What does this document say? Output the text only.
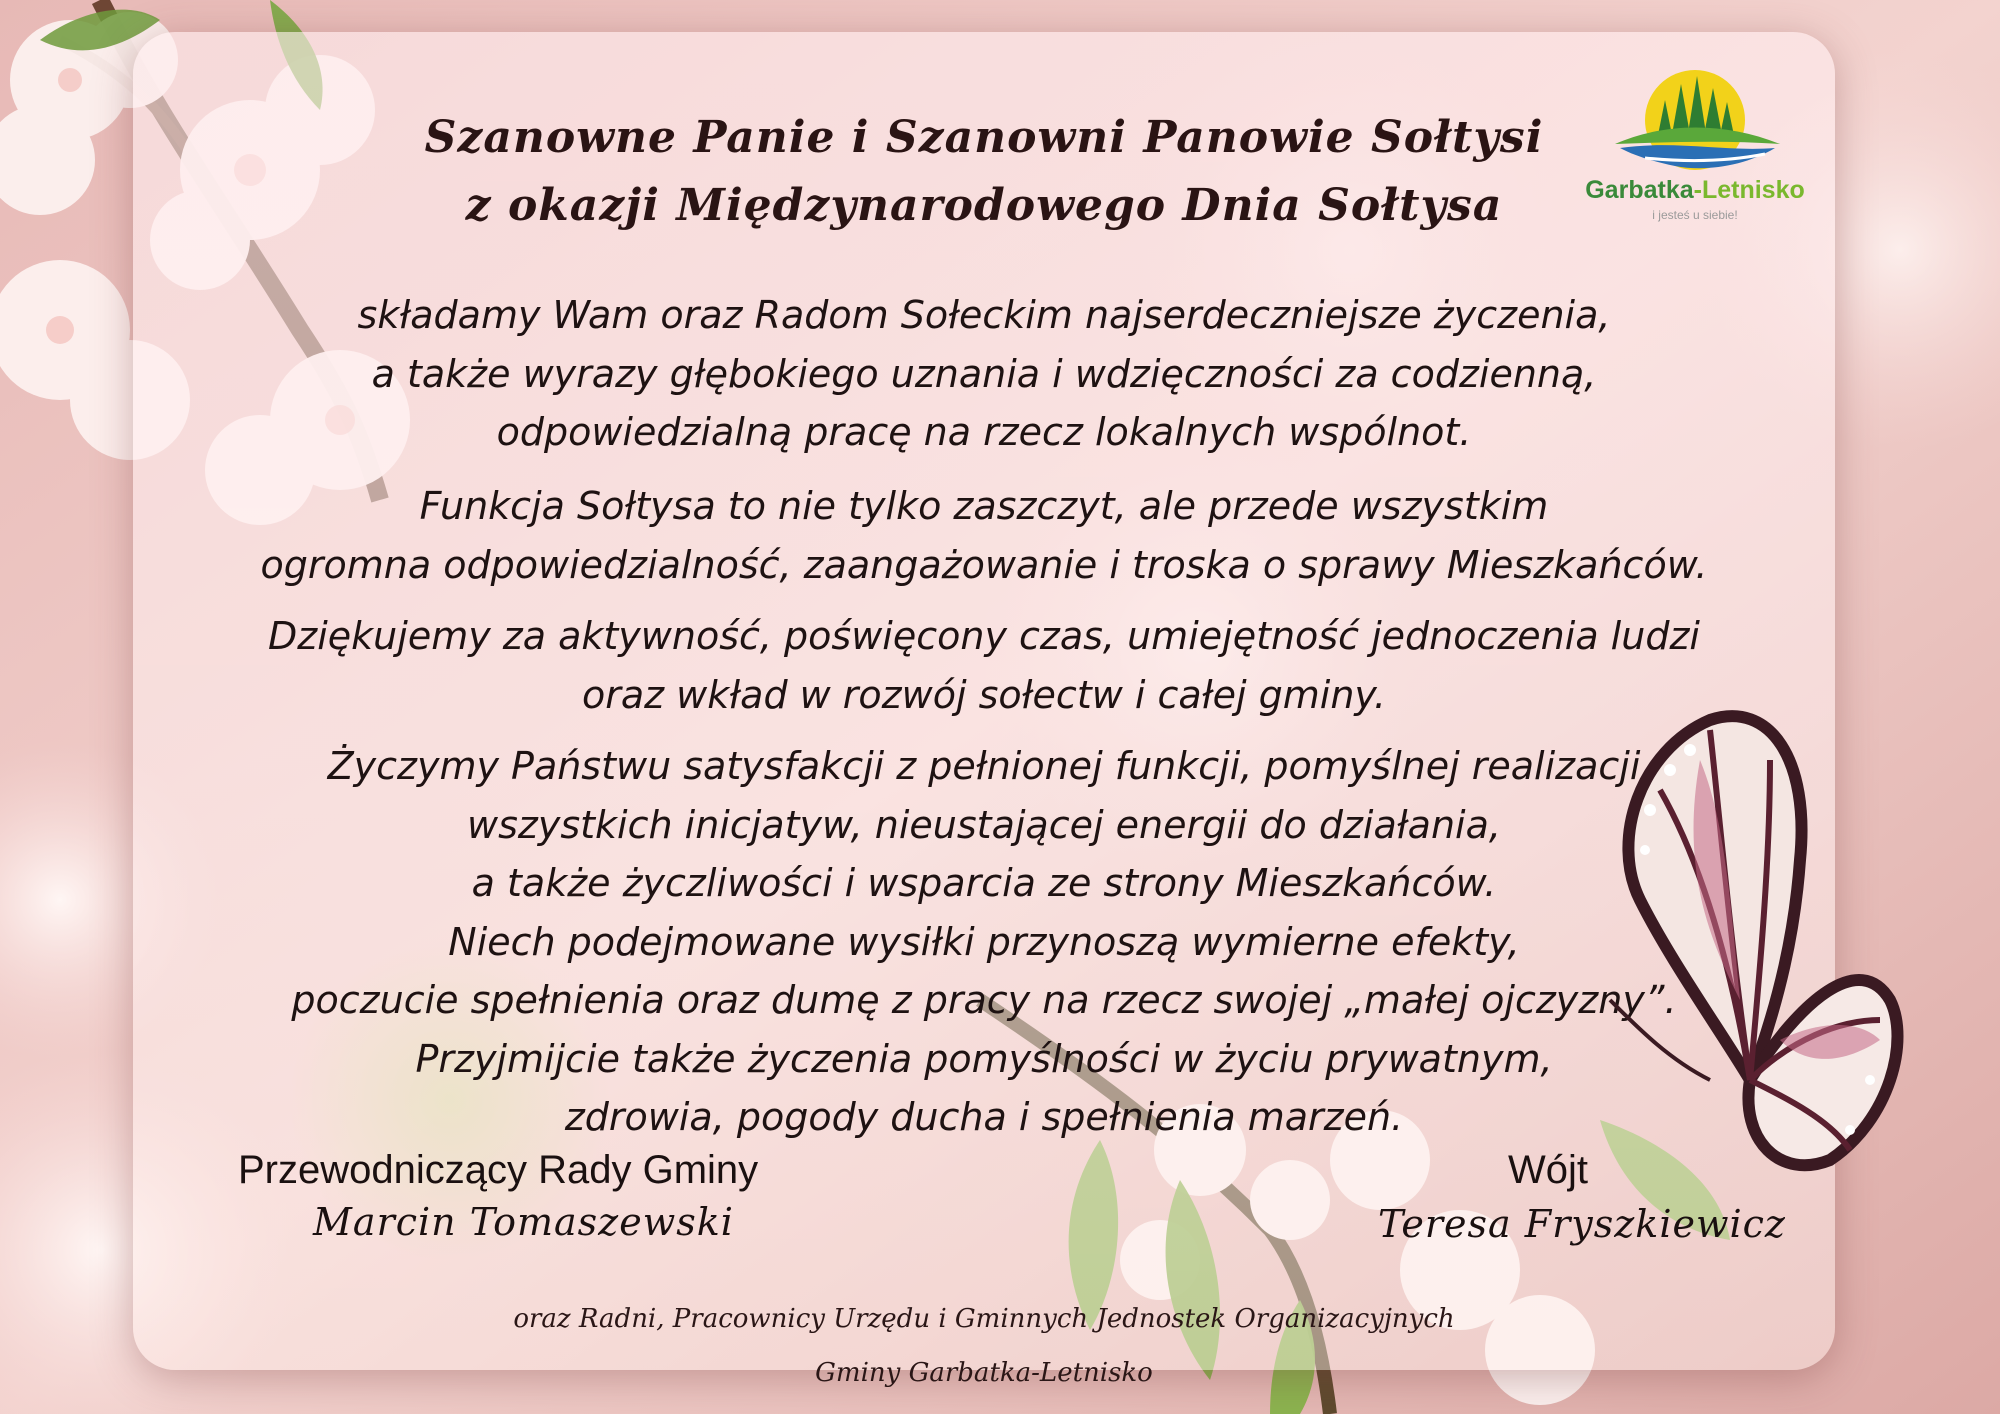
Garbatka-Letnisko
i jesteś u siebie!
Szanowne Panie i Szanowni Panowie Sołtysi
z okazji Międzynarodowego Dnia Sołtysa
składamy Wam oraz Radom Sołeckim najserdeczniejsze życzenia,
a także wyrazy głębokiego uznania i wdzięczności za codzienną,
odpowiedzialną pracę na rzecz lokalnych wspólnot.
Funkcja Sołtysa to nie tylko zaszczyt, ale przede wszystkim
ogromna odpowiedzialność, zaangażowanie i troska o sprawy Mieszkańców.
Dziękujemy za aktywność, poświęcony czas, umiejętność jednoczenia ludzi
oraz wkład w rozwój sołectw i całej gminy.
Życzymy Państwu satysfakcji z pełnionej funkcji, pomyślnej realizacji
wszystkich inicjatyw, nieustającej energii do działania,
a także życzliwości i wsparcia ze strony Mieszkańców.
Niech podejmowane wysiłki przynoszą wymierne efekty,
poczucie spełnienia oraz dumę z pracy na rzecz swojej „małej ojczyzny”.
Przyjmijcie także życzenia pomyślności w życiu prywatnym,
zdrowia, pogody ducha i spełnienia marzeń.
Przewodniczący Rady Gminy
Marcin Tomaszewski
Wójt
Teresa Fryszkiewicz
oraz Radni, Pracownicy Urzędu i Gminnych Jednostek Organizacyjnych
Gminy Garbatka-Letnisko
